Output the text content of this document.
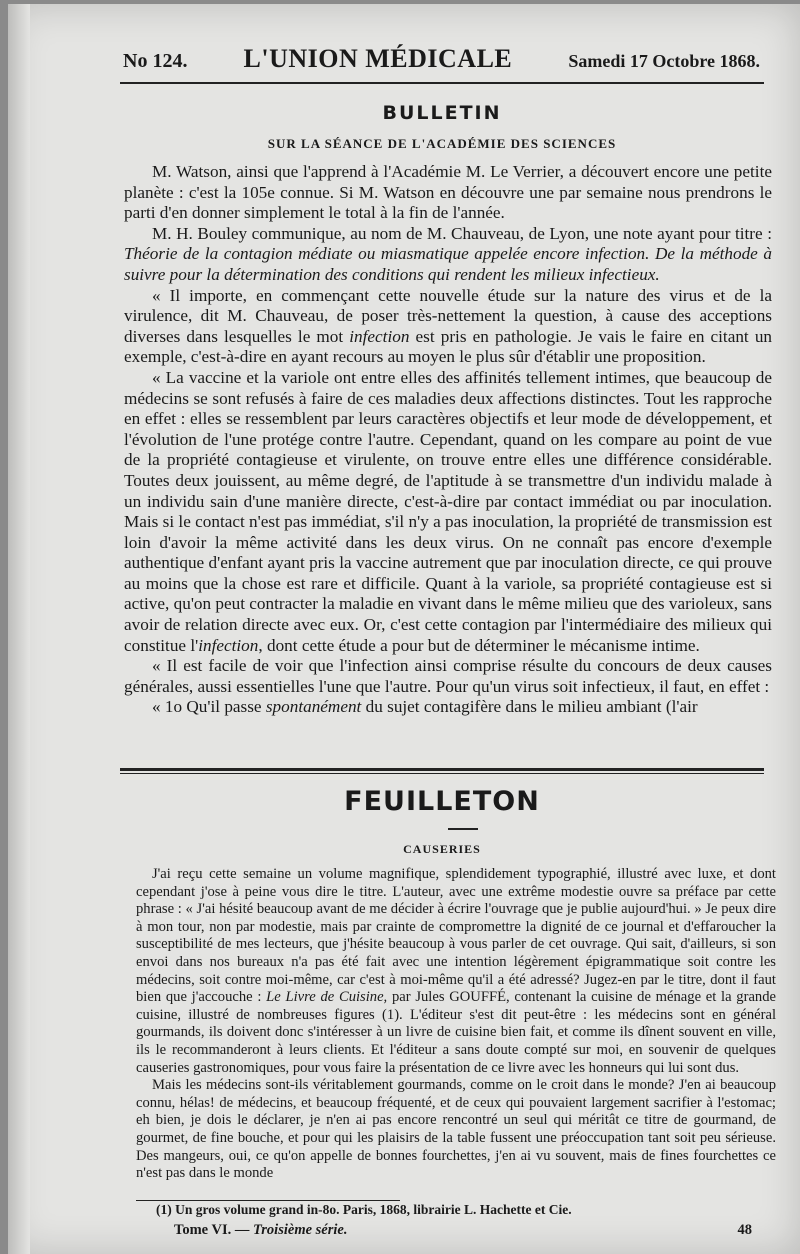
No 124. L'UNION MÉDICALE	Samedi 17 Octobre 1868.
BULLETIN
SUR LA SÉANCE DE L'ACADÉMIE DES SCIENCES

M. Watson, ainsi que l'apprend à l'Académie M. Le Verrier, a découvert encore une petite planète : c'est la 105e connue. Si M. Watson en découvre une par semaine nous prendrons le parti d'en donner simplement le total à la fin de l'année.

M. H. Bouley communique, au nom de M. Chauveau, de Lyon, une note ayant pour titre : Théorie de la contagion médiate ou miasmatique appelée encore infection. De la méthode à suivre pour la détermination des conditions qui rendent les milieux infectieux.

« Il importe, en commençant cette nouvelle étude sur la nature des virus et de la virulence, dit M. Chauveau, de poser très-nettement la question, à cause des acceptions diverses dans lesquelles le mot infection est pris en pathologie. Je vais le faire en citant un exemple, c'est-à-dire en ayant recours au moyen le plus sûr d'établir une proposition.

« La vaccine et la variole ont entre elles des affinités tellement intimes, que beaucoup de médecins se sont refusés à faire de ces maladies deux affections distinctes. Tout les rapproche en effet : elles se ressemblent par leurs caractères objectifs et leur mode de développement, et l'évolution de l'une protége contre l'autre. Cependant, quand on les compare au point de vue de la propriété contagieuse et virulente, on trouve entre elles une différence considérable. Toutes deux jouissent, au même degré, de l'aptitude à se transmettre d'un individu malade à un individu sain d'une manière directe, c'est-à-dire par contact immédiat ou par inoculation. Mais si le contact n'est pas immédiat, s'il n'y a pas inoculation, la propriété de transmission est loin d'avoir la même activité dans les deux virus. On ne connaît pas encore d'exemple authentique d'enfant ayant pris la vaccine autrement que par inoculation directe, ce qui prouve au moins que la chose est rare et difficile. Quant à la variole, sa propriété contagieuse est si active, qu'on peut contracter la maladie en vivant dans le même milieu que des varioleux, sans avoir de relation directe avec eux. Or, c'est cette contagion par l'intermédiaire des milieux qui constitue l'infection, dont cette étude a pour but de déterminer le mécanisme intime.

« Il est facile de voir que l'infection ainsi comprise résulte du concours de deux causes générales, aussi essentielles l'une que l'autre. Pour qu'un virus soit infectieux, il faut, en effet :

« 1o Qu'il passe spontanément du sujet contagifère dans le milieu ambiant (l'air

FEUILLETON
CAUSERIES

J'ai reçu cette semaine un volume magnifique, splendidement typographié, illustré avec luxe, et dont cependant j'ose à peine vous dire le titre. L'auteur, avec une extrême modestie ouvre sa préface par cette phrase : « J'ai hésité beaucoup avant de me décider à écrire l'ouvrage que je publie aujourd'hui. » Je peux dire à mon tour, non par modestie, mais par crainte de compromettre la dignité de ce journal et d'effaroucher la susceptibilité de mes lecteurs, que j'hésite beaucoup à vous parler de cet ouvrage. Qui sait, d'ailleurs, si son envoi dans nos bureaux n'a pas été fait avec une intention légèrement épigrammatique soit contre les médecins, soit contre moi-même, car c'est à moi-même qu'il a été adressé? Jugez-en par le titre, dont il faut bien que j'accouche : Le Livre de Cuisine, par Jules GOUFFÉ, contenant la cuisine de ménage et la grande cuisine, illustré de nombreuses figures (1). L'éditeur s'est dit peut-être : les médecins sont en général gourmands, ils doivent donc s'intéresser à un livre de cuisine bien fait, et comme ils dînent souvent en ville, ils le recommanderont à leurs clients. Et l'éditeur a sans doute compté sur moi, en souvenir de quelques causeries gastronomiques, pour vous faire la présentation de ce livre avec les honneurs qui lui sont dus.

Mais les médecins sont-ils véritablement gourmands, comme on le croit dans le monde? J'en ai beaucoup connu, hélas! de médecins, et beaucoup fréquenté, et de ceux qui pouvaient largement sacrifier à l'estomac; eh bien, je dois le déclarer, je n'en ai pas encore rencontré un seul qui méritât ce titre de gourmand, de gourmet, de fine bouche, et pour qui les plaisirs de la table fussent une préoccupation tant soit peu sérieuse. Des mangeurs, oui, ce qu'on appelle de bonnes fourchettes, j'en ai vu souvent, mais de fines fourchettes ce n'est pas dans le monde

(1) Un gros volume grand in-8o. Paris, 1868, librairie L. Hachette et Cie.
Tome VI. — Troisième série.	48
